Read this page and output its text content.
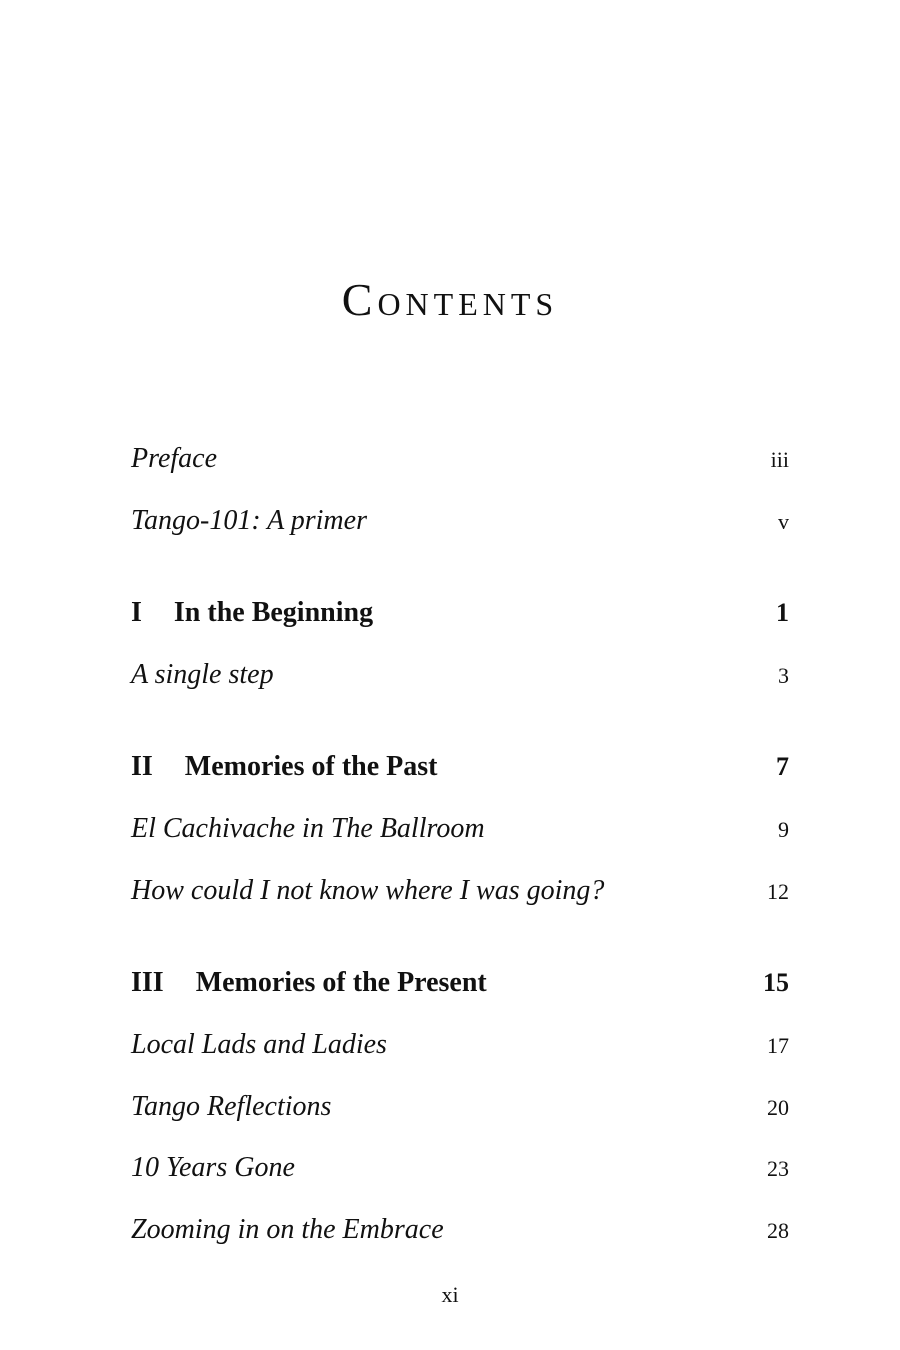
Contents
Preface	iii
Tango-101: A primer	v
I In the Beginning	1
A single step	3
II Memories of the Past	7
El Cachivache in The Ballroom	9
How could I not know where I was going?	12
III Memories of the Present	15
Local Lads and Ladies	17
Tango Reflections	20
10 Years Gone	23
Zooming in on the Embrace	28
xi
